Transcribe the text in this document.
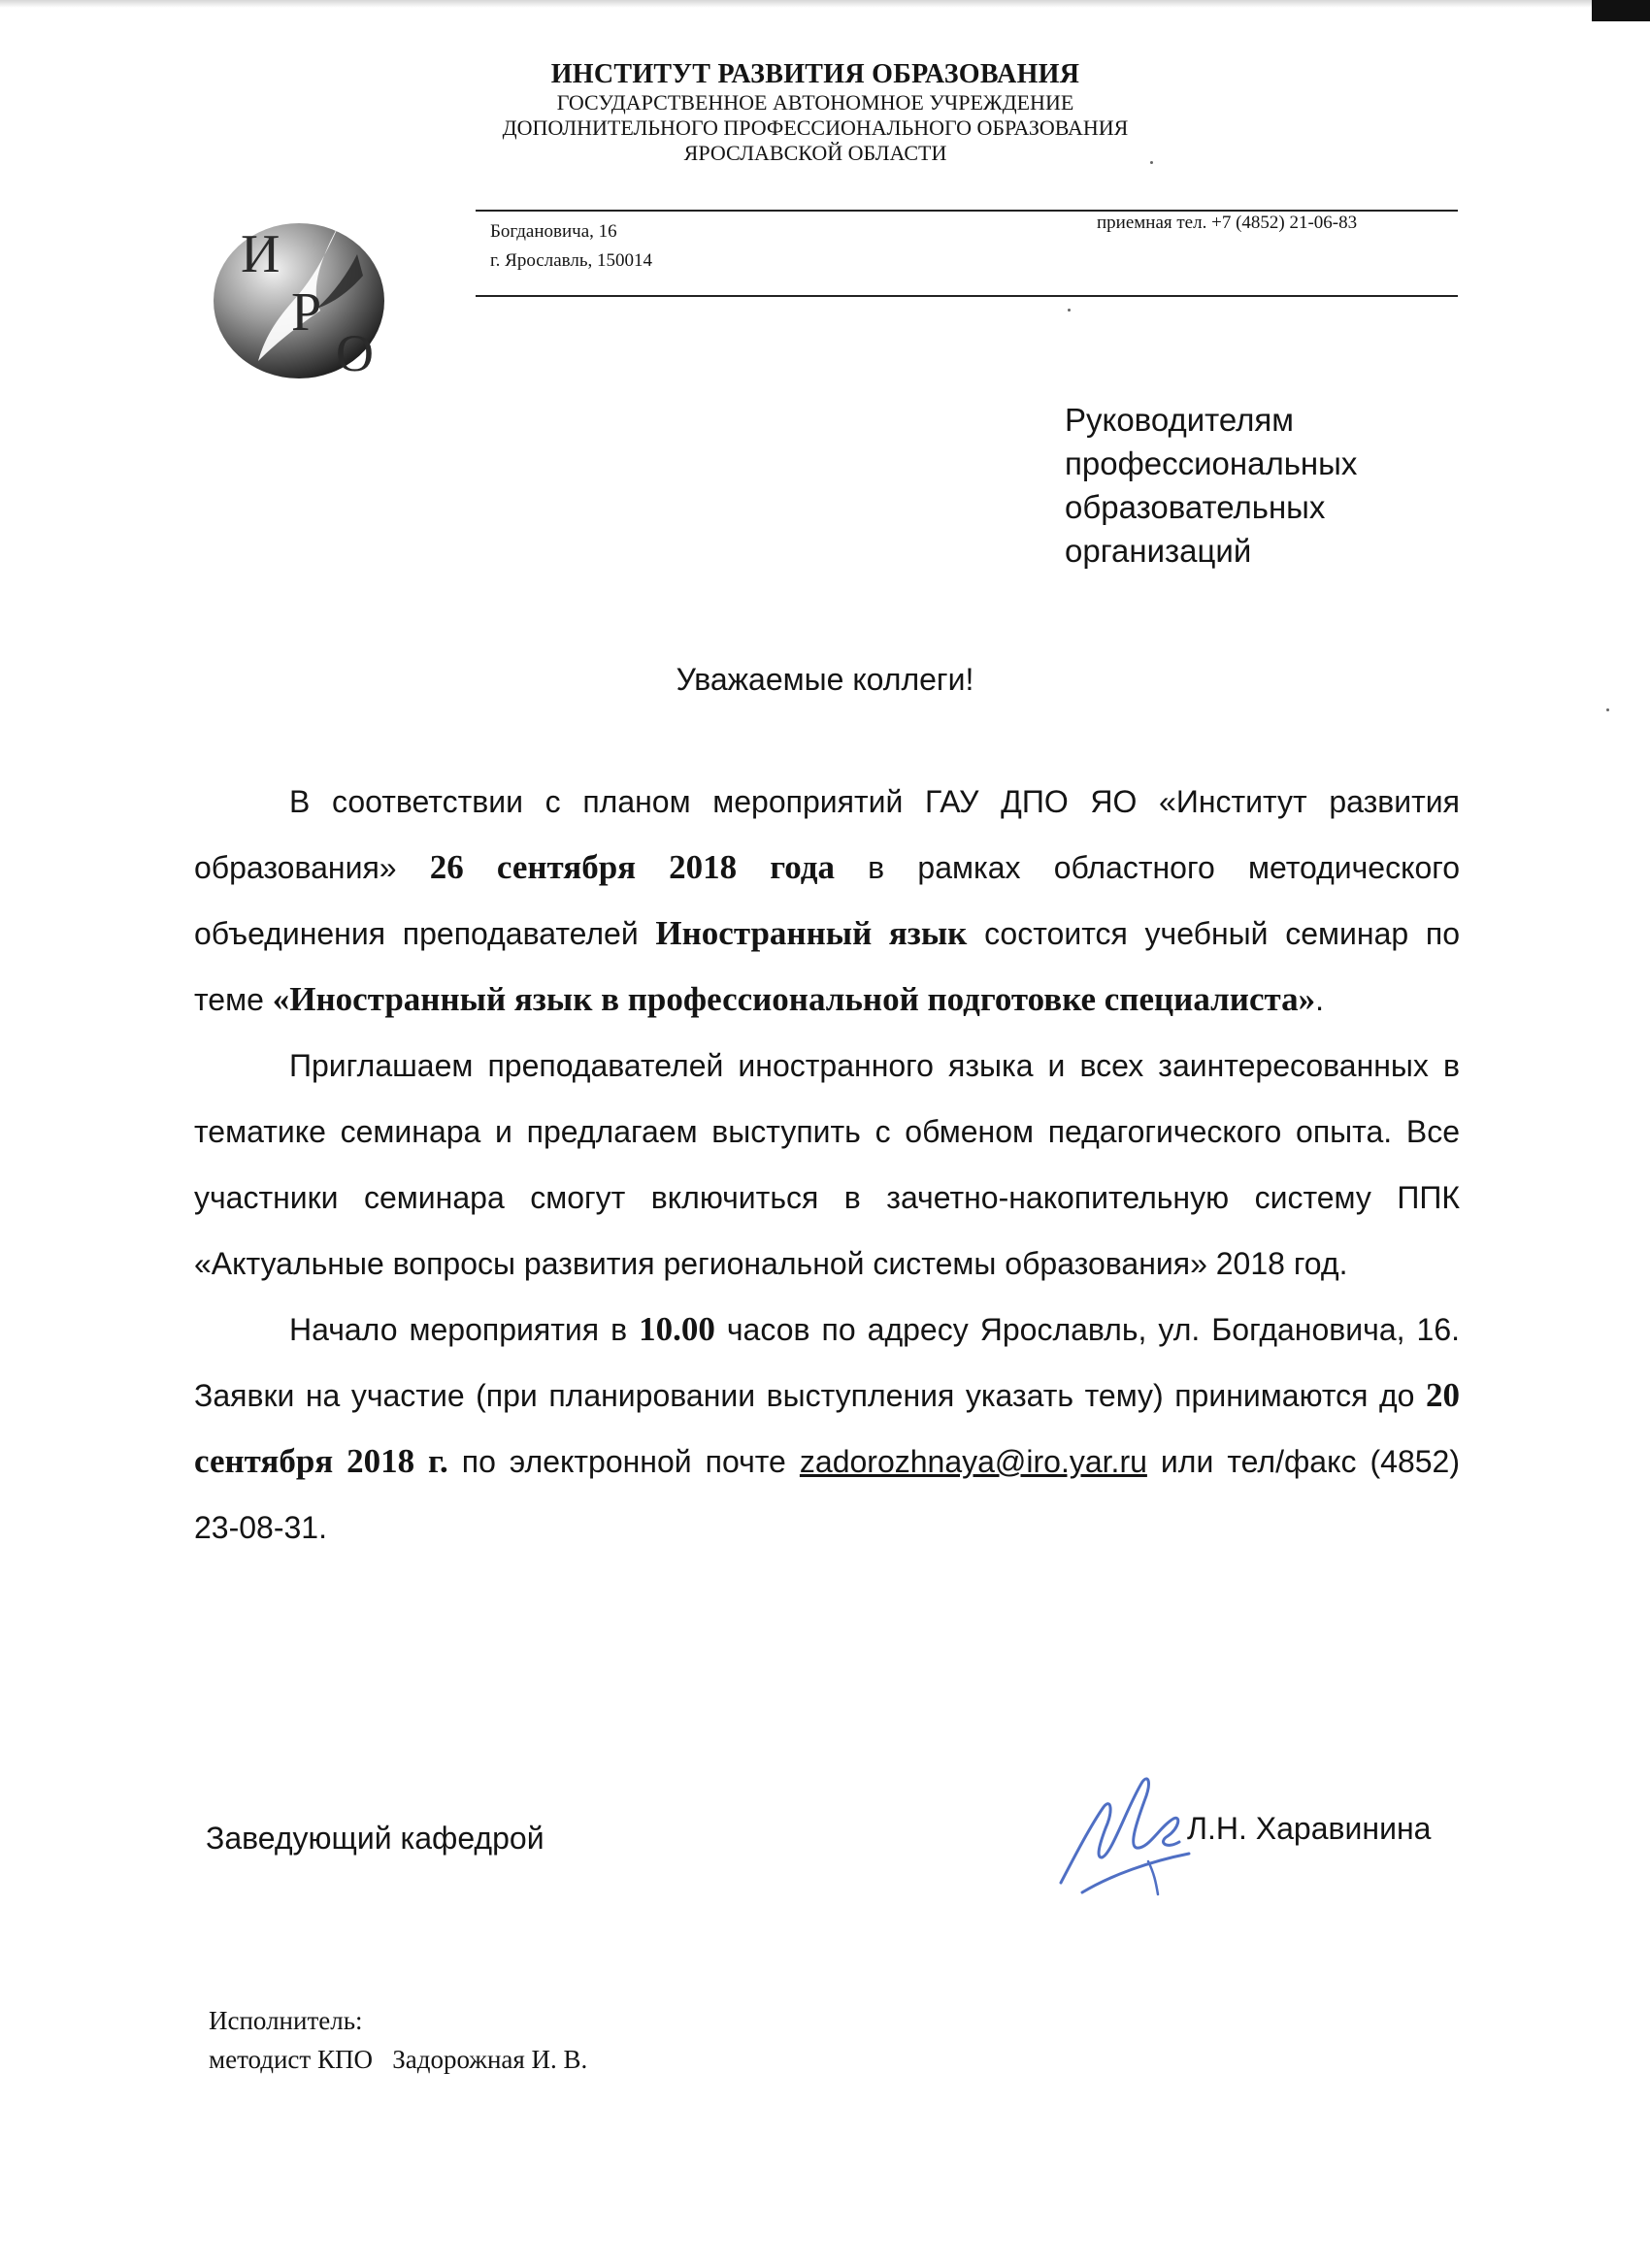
ИНСТИТУТ РАЗВИТИЯ ОБРАЗОВАНИЯ
ГОСУДАРСТВЕННОЕ АВТОНОМНОЕ УЧРЕЖДЕНИЕ
ДОПОЛНИТЕЛЬНОГО ПРОФЕССИОНАЛЬНОГО ОБРАЗОВАНИЯ
ЯРОСЛАВСКОЙ ОБЛАСТИ
И
Р
О
Богдановича, 16
г. Ярославль, 150014
приемная тел. +7 (4852) 21-06-83
Руководителям
профессиональных
образовательных
организаций
Уважаемые коллеги!

В соответствии с планом мероприятий ГАУ ДПО ЯО «Институт развития образования» 26 сентября 2018 года в рамках областного методического объединения преподавателей Иностранный язык состоится учебный семинар по теме «Иностранный язык в профессиональной подготовке специалиста».

Приглашаем преподавателей иностранного языка и всех заинтересованных в тематике семинара и предлагаем выступить с обменом педагогического опыта. Все участники семинара смогут включиться в зачетно-накопительную систему ППК «Актуальные вопросы развития региональной системы образования» 2018 год.

Начало мероприятия в 10.00 часов по адресу Ярославль, ул. Богдановича, 16. Заявки на участие (при планировании выступления указать тему) принимаются до 20 сентября 2018 г. по электронной почте zadorozhnaya@iro.yar.ru или тел/факс (4852) 23-08-31.

Заведующий кафедрой	Л.Н. Харавинина
Исполнитель:
методист КПО   Задорожная И. В.
